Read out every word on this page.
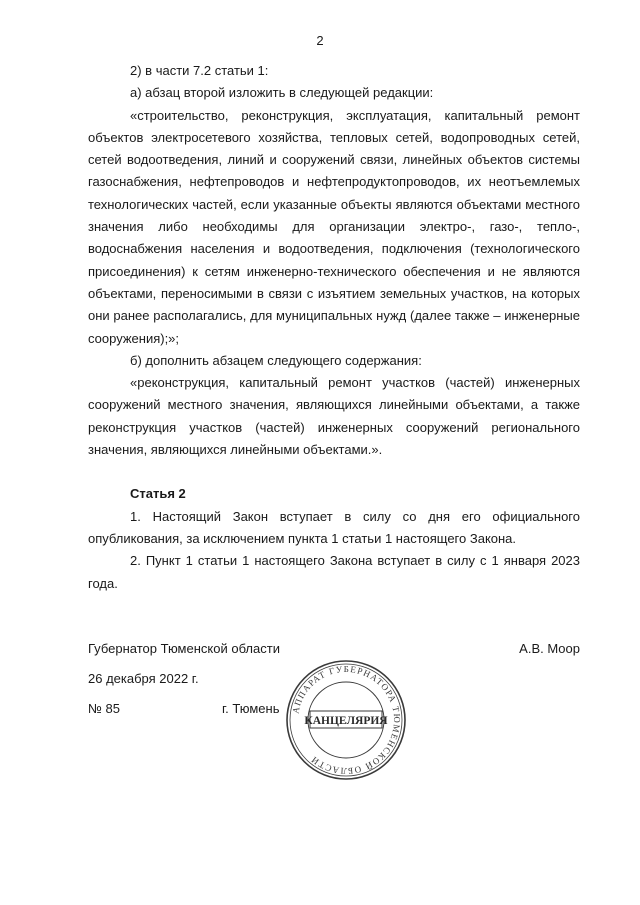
2

2) в части 7.2 статьи 1:

а) абзац второй изложить в следующей редакции:

«строительство, реконструкция, эксплуатация, капитальный ремонт объектов электросетевого хозяйства, тепловых сетей, водопроводных сетей, сетей водоотведения, линий и сооружений связи, линейных объектов системы газоснабжения, нефтепроводов и нефтепродуктопроводов, их неотъемлемых технологических частей, если указанные объекты являются объектами местного значения либо необходимы для организации электро-, газо-, тепло-, водоснабжения населения и водоотведения, подключения (технологического присоединения) к сетям инженерно-технического обеспечения и не являются объектами, переносимыми в связи с изъятием земельных участков, на которых они ранее располагались, для муниципальных нужд (далее также – инженерные сооружения);»;

б) дополнить абзацем следующего содержания:

«реконструкция, капитальный ремонт участков (частей) инженерных сооружений местного значения, являющихся линейными объектами, а также реконструкция участков (частей) инженерных сооружений регионального значения, являющихся линейными объектами.».

Статья 2

1. Настоящий Закон вступает в силу со дня его официального опубликования, за исключением пункта 1 статьи 1 настоящего Закона.

2. Пункт 1 статьи 1 настоящего Закона вступает в силу с 1 января 2023 года.

Губернатор Тюменской области	А.В. Моор
26 декабря 2022 г.
№ 85	г. Тюмень АППАРАТ ГУБЕРНАТОРА ТЮМЕНСКОЙ ОБЛАСТИ
КАНЦЕЛЯРИЯ
